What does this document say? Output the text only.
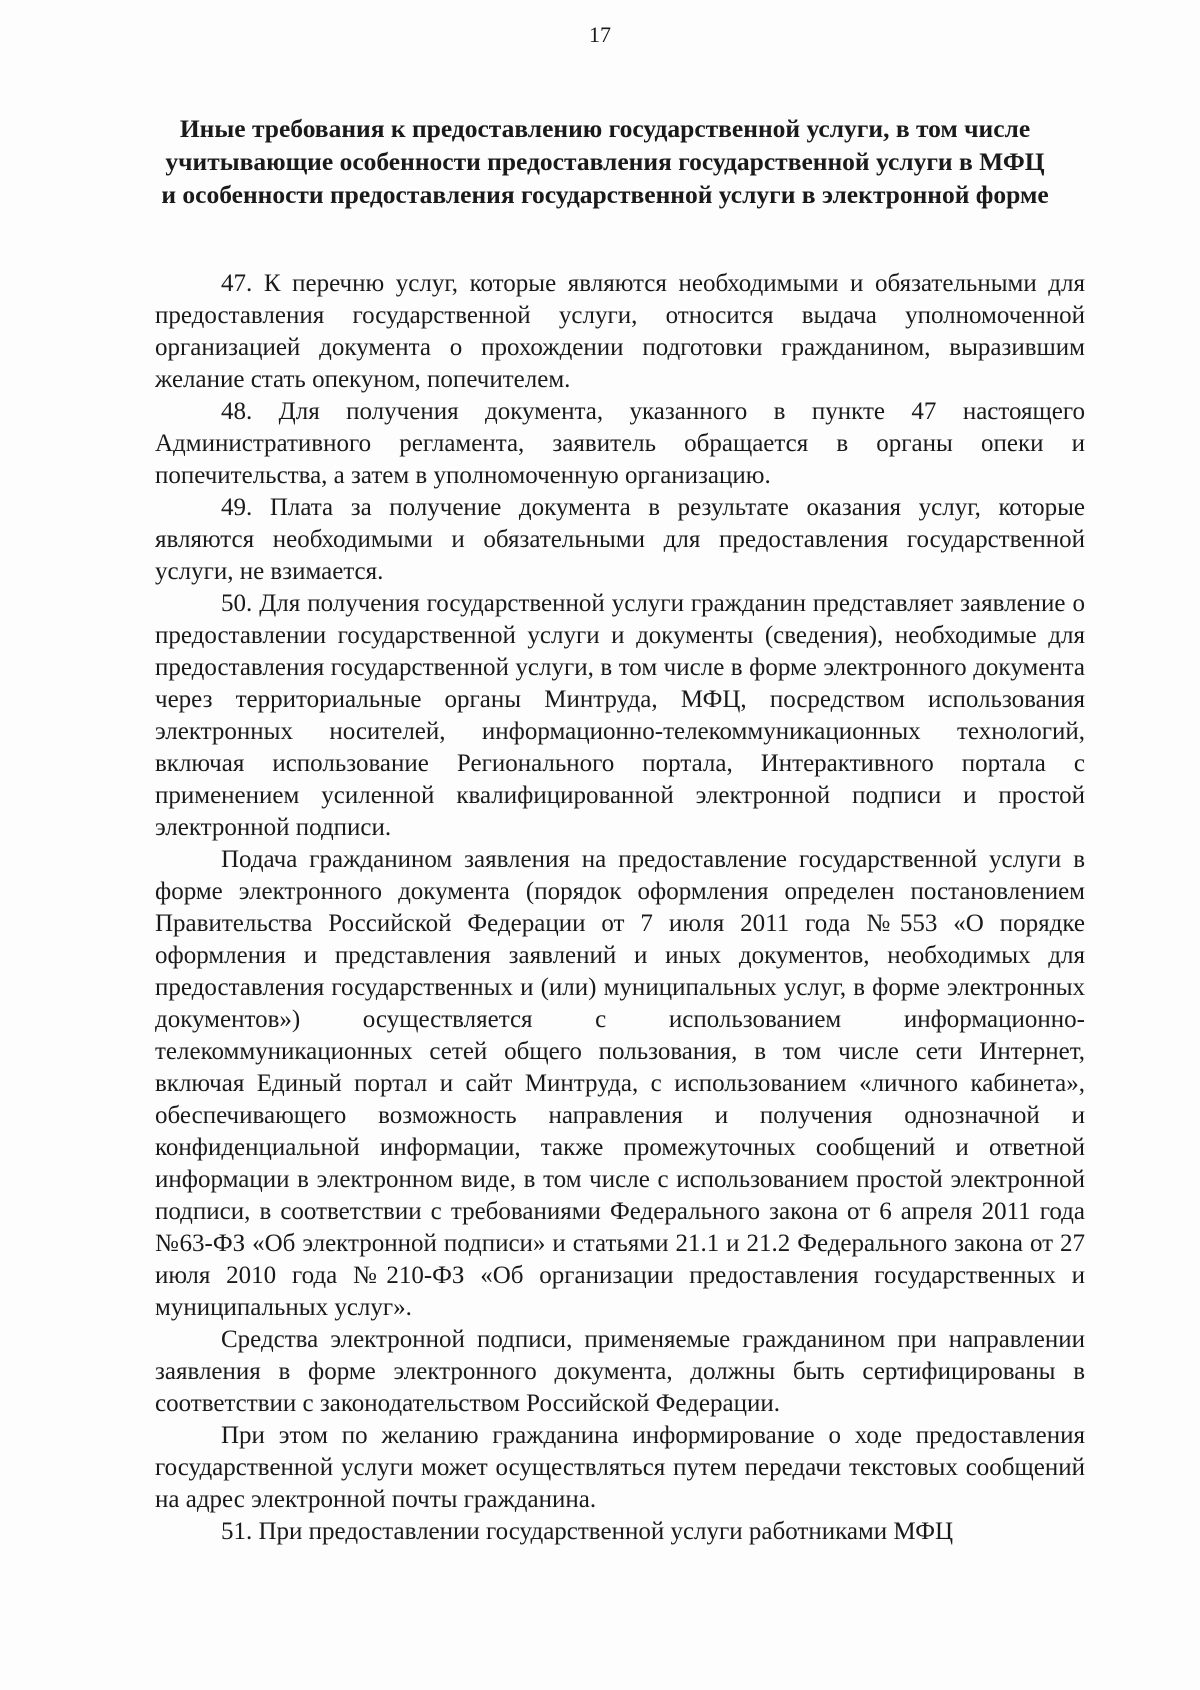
17
Иные требования к предоставлению государственной услуги, в том числе учитывающие особенности предоставления государственной услуги в МФЦ и особенности предоставления государственной услуги в электронной форме

47. К перечню услуг, которые являются необходимыми и обязательными для предоставления государственной услуги, относится выдача уполномоченной организацией документа о прохождении подготовки гражданином, выразившим желание стать опекуном, попечителем.

48. Для получения документа, указанного в пункте 47 настоящего Административного регламента, заявитель обращается в органы опеки и попечительства, а затем в уполномоченную организацию.

49. Плата за получение документа в результате оказания услуг, которые являются необходимыми и обязательными для предоставления государственной услуги, не взимается.

50. Для получения государственной услуги гражданин представляет заявление о предоставлении государственной услуги и документы (сведения), необходимые для предоставления государственной услуги, в том числе в форме электронного документа через территориальные органы Минтруда, МФЦ, посредством использования электронных носителей, информационно-телекоммуникационных технологий, включая использование Регионального портала, Интерактивного портала с применением усиленной квалифицированной электронной подписи и простой электронной подписи.

Подача гражданином заявления на предоставление государственной услуги в форме электронного документа (порядок оформления определен постановлением Правительства Российской Федерации от 7 июля 2011 года №553 «О порядке оформления и представления заявлений и иных документов, необходимых для предоставления государственных и (или) муниципальных услуг, в форме электронных документов») осуществляется с использованием информационно-телекоммуникационных сетей общего пользования, в том числе сети Интернет, включая Единый портал и сайт Минтруда, с использованием «личного кабинета», обеспечивающего возможность направления и получения однозначной и конфиденциальной информации, также промежуточных сообщений и ответной информации в электронном виде, в том числе с использованием простой электронной подписи, в соответствии с требованиями Федерального закона от 6 апреля 2011 года №63-ФЗ «Об электронной подписи» и статьями 21.1 и 21.2 Федерального закона от 27 июля 2010 года №210-ФЗ «Об организации предоставления государственных и муниципальных услуг».

Средства электронной подписи, применяемые гражданином при направлении заявления в форме электронного документа, должны быть сертифицированы в соответствии с законодательством Российской Федерации.

При этом по желанию гражданина информирование о ходе предоставления государственной услуги может осуществляться путем передачи текстовых сообщений на адрес электронной почты гражданина.

51. При предоставлении государственной услуги работниками МФЦ
